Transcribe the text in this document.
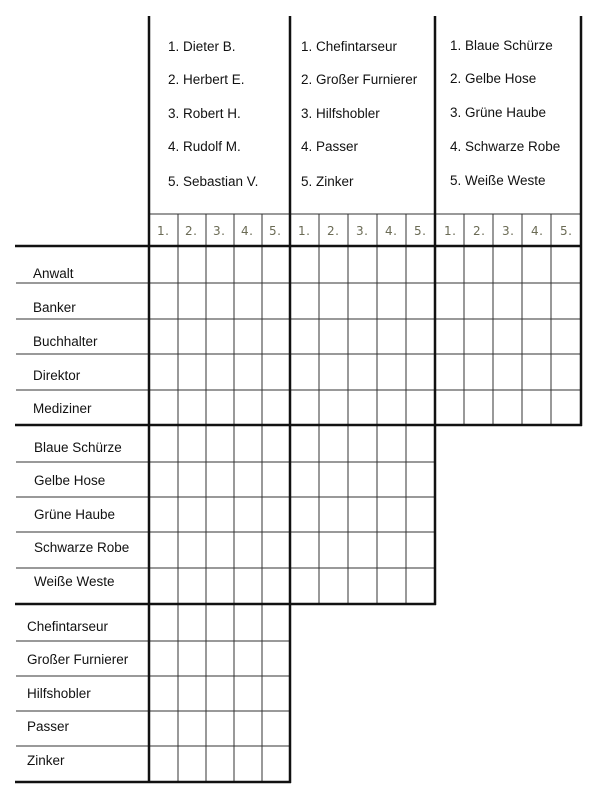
1. Dieter B.
2. Herbert E.
3. Robert H.
4. Rudolf M.
5. Sebastian V.
1. Chefintarseur
2. Großer Furnierer
3. Hilfshobler
4. Passer
5. Zinker
1. Blaue Schürze
2. Gelbe Hose
3. Grüne Haube
4. Schwarze Robe
5. Weiße Weste
1. 2. 3. 4. 5. 1. 2. 3. 4. 5. 1. 2. 3. 4. 5.
Anwalt
Banker
Buchhalter
Direktor
Mediziner
Blaue Schürze
Gelbe Hose
Grüne Haube
Schwarze Robe
Weiße Weste
Chefintarseur
Großer Furnierer
Hilfshobler
Passer
Zinker
